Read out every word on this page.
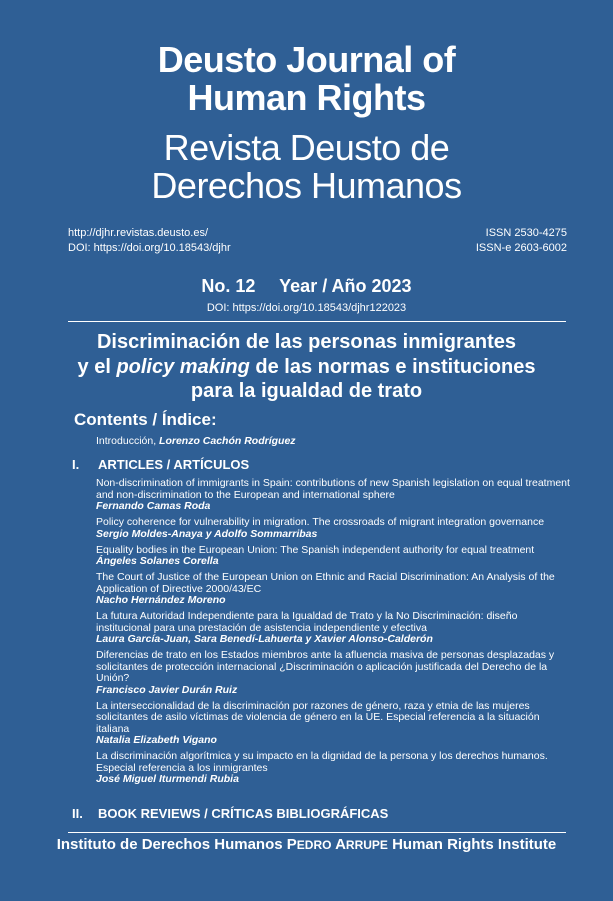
Deusto Journal of
Human Rights
Revista Deusto de
Derechos Humanos
http://djhr.revistas.deusto.es/
DOI: https://doi.org/10.18543/djhr
ISSN 2530-4275
ISSN-e 2603-6002
No. 12 Year / Año 2023
DOI: https://doi.org/10.18543/djhr122023
Discriminación de las personas inmigrantes
y el policy making de las normas e instituciones
para la igualdad de trato
Contents / Índice:
Introducción, Lorenzo Cachón Rodríguez
I. ARTICLES / ARTÍCULOS
Non-discrimination of immigrants in Spain: contributions of new Spanish legislation on equal treatment and non-discrimination to the European and international sphere
Fernando Camas Roda
Policy coherence for vulnerability in migration. The crossroads of migrant integration governance
Sergio Moldes-Anaya y Adolfo Sommarribas
Equality bodies in the European Union: The Spanish independent authority for equal treatment
Ángeles Solanes Corella
The Court of Justice of the European Union on Ethnic and Racial Discrimination: An Analysis of the Application of Directive 2000/43/EC
Nacho Hernández Moreno
La futura Autoridad Independiente para la Igualdad de Trato y la No Discriminación: diseño institucional para una prestación de asistencia independiente y efectiva
Laura García-Juan, Sara Benedí-Lahuerta y Xavier Alonso-Calderón
Diferencias de trato en los Estados miembros ante la afluencia masiva de personas desplazadas y solicitantes de protección internacional ¿Discriminación o aplicación justificada del Derecho de la Unión?
Francisco Javier Durán Ruiz
La interseccionalidad de la discriminación por razones de género, raza y etnia de las mujeres solicitantes de asilo víctimas de violencia de género en la UE. Especial referencia a la situación italiana
Natalia Elizabeth Vigano
La discriminación algorítmica y su impacto en la dignidad de la persona y los derechos humanos. Especial referencia a los inmigrantes
José Miguel Iturmendi Rubia
II. BOOK REVIEWS / CRÍTICAS BIBLIOGRÁFICAS
Instituto de Derechos Humanos PEDRO ARRUPE Human Rights Institute
